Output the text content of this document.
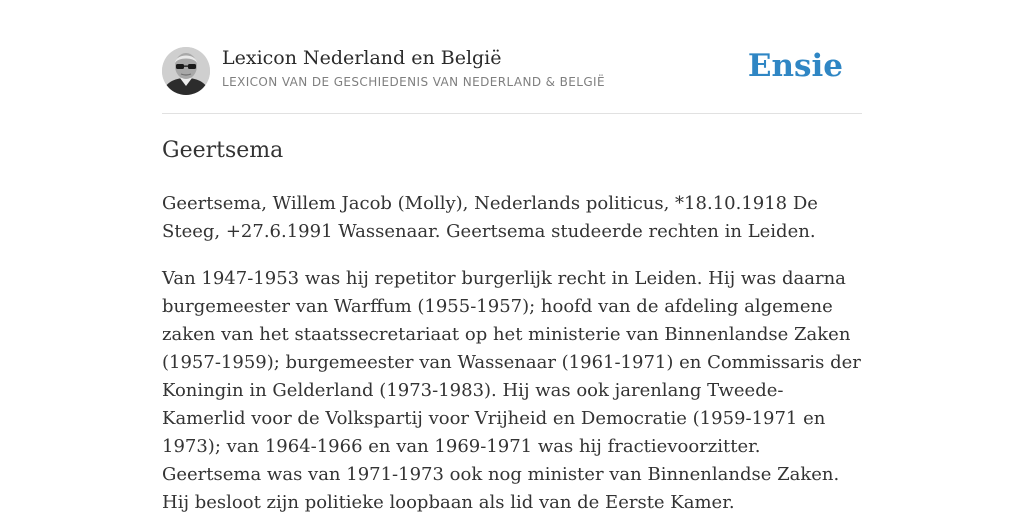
Lexicon Nederland en België
LEXICON VAN DE GESCHIEDENIS VAN NEDERLAND & BELGIË	Ensie
Geertsema

Geertsema, Willem Jacob (Molly), Nederlands politicus, *18.10.1918 De Steeg, +27.6.1991 Wassenaar. Geertsema studeerde rechten in Leiden.

Van 1947-1953 was hij repetitor burgerlijk recht in Leiden. Hij was daarna burgemeester van Warffum (1955-1957); hoofd van de afdeling algemene zaken van het staatssecretariaat op het ministerie van Binnenlandse Zaken (1957-1959); burgemeester van Wassenaar (1961-1971) en Commissaris der Koningin in Gelderland (1973-1983). Hij was ook jarenlang Tweede-Kamerlid voor de Volkspartij voor Vrijheid en Democratie (1959-1971 en 1973); van 1964-1966 en van 1969-1971 was hij fractievoorzitter. Geertsema was van 1971-1973 ook nog minister van Binnenlandse Zaken. Hij besloot zijn politieke loopbaan als lid van de Eerste Kamer.
